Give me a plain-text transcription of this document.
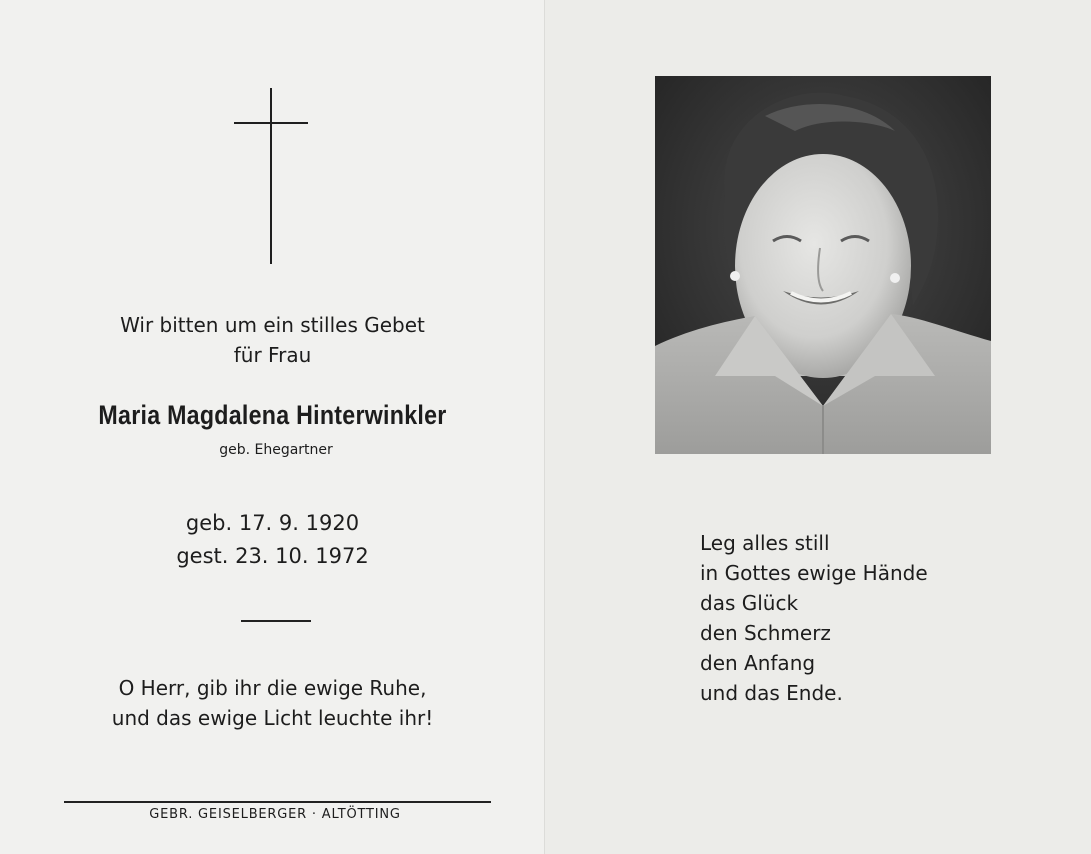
Wir bitten um ein stilles Gebet
für Frau
Maria Magdalena Hinterwinkler
geb. Ehegartner
geb. 17. 9. 1920
gest. 23. 10. 1972
O Herr, gib ihr die ewige Ruhe,
und das ewige Licht leuchte ihr!
GEBR. GEISELBERGER · ALTÖTTING
Leg alles still
in Gottes ewige Hände
das Glück
den Schmerz
den Anfang
und das Ende.
